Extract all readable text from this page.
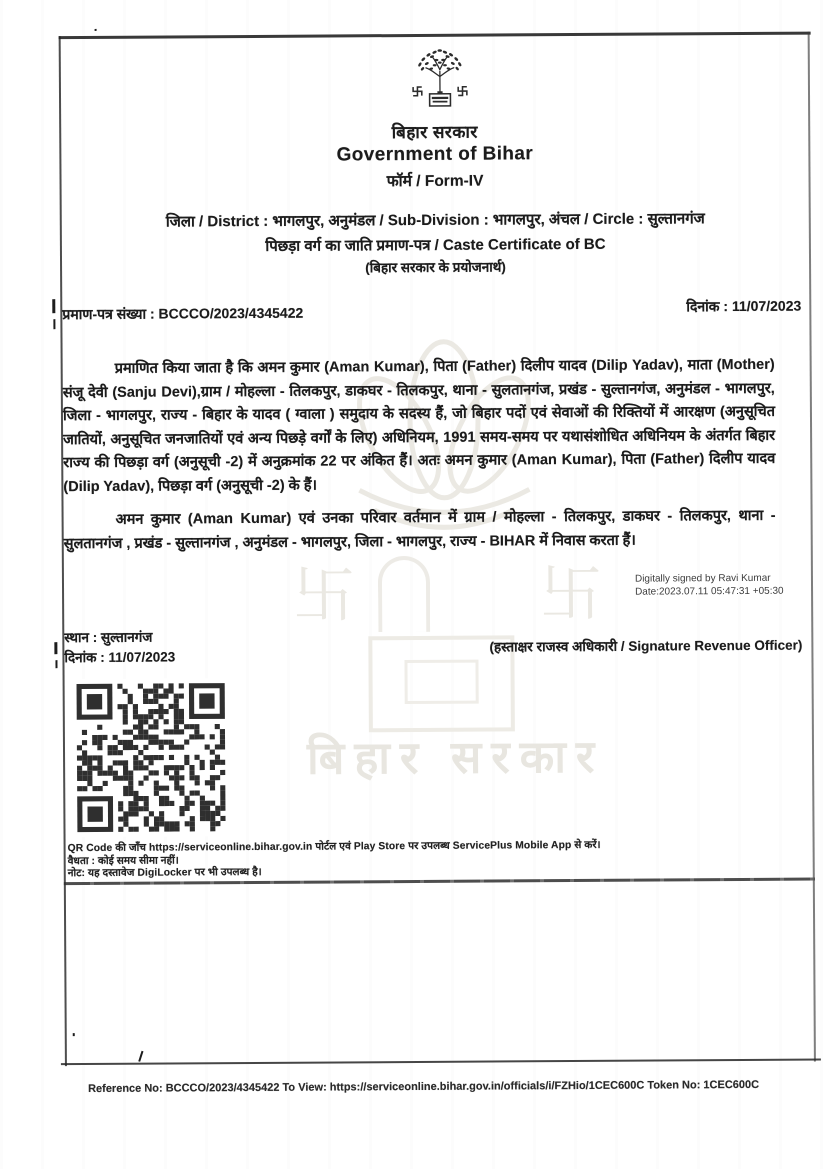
卐	卐
बिहार सरकार
बिहार सरकार
Government of Bihar
फॉर्म / Form-IV
जिला / District : भागलपुर, अनुमंडल / Sub-Division : भागलपुर, अंचल / Circle : सुल्तानगंज
पिछड़ा वर्ग का जाति प्रमाण-पत्र / Caste Certificate of BC
(बिहार सरकार के प्रयोजनार्थ)
प्रमाण-पत्र संख्या : BCCCO/2023/4345422	दिनांक : 11/07/2023
प्रमाणित किया जाता है कि अमन कुमार (Aman Kumar), पिता (Father) दिलीप यादव (Dilip Yadav), माता (Mother) संजू देवी (Sanju Devi),ग्राम / मोहल्ला - तिलकपुर, डाकघर - तिलकपुर, थाना - सुलतानगंज, प्रखंड - सुल्तानगंज, अनुमंडल - भागलपुर, जिला - भागलपुर, राज्य - बिहार के यादव ( ग्वाला ) समुदाय के सदस्य हैं, जो बिहार पदों एवं सेवाओं की रिक्तियों में आरक्षण (अनुसूचित जातियों, अनुसूचित जनजातियों एवं अन्य पिछड़े वर्गों के लिए) अधिनियम, 1991 समय-समय पर यथासंशोधित अधिनियम के अंतर्गत बिहार राज्य की पिछड़ा वर्ग (अनुसूची -2) में अनुक्रमांक 22 पर अंकित हैं। अतः अमन कुमार (Aman Kumar), पिता (Father) दिलीप यादव (Dilip Yadav), पिछड़ा वर्ग (अनुसूची -2) के हैं।
अमन कुमार (Aman Kumar) एवं उनका परिवार वर्तमान में ग्राम / मोहल्ला - तिलकपुर, डाकघर - तिलकपुर, थाना - सुलतानगंज , प्रखंड - सुल्तानगंज , अनुमंडल - भागलपुर, जिला - भागलपुर, राज्य - BIHAR में निवास करता हैं।
Digitally signed by Ravi Kumar
Date:2023.07.11 05:47:31 +05:30
स्थान : सुल्तानगंज
दिनांक : 11/07/2023
(हस्ताक्षर राजस्व अधिकारी / Signature Revenue Officer)
QR Code की जाँच https://serviceonline.bihar.gov.in पोर्टल एवं Play Store पर उपलब्ध ServicePlus Mobile App से करें।
वैधता : कोई समय सीमा नहीं।
नोट: यह दस्तावेज DigiLocker पर भी उपलब्ध है।
Reference No: BCCCO/2023/4345422 To View: https://serviceonline.bihar.gov.in/officials/i/FZHio/1CEC600C Token No: 1CEC600C
